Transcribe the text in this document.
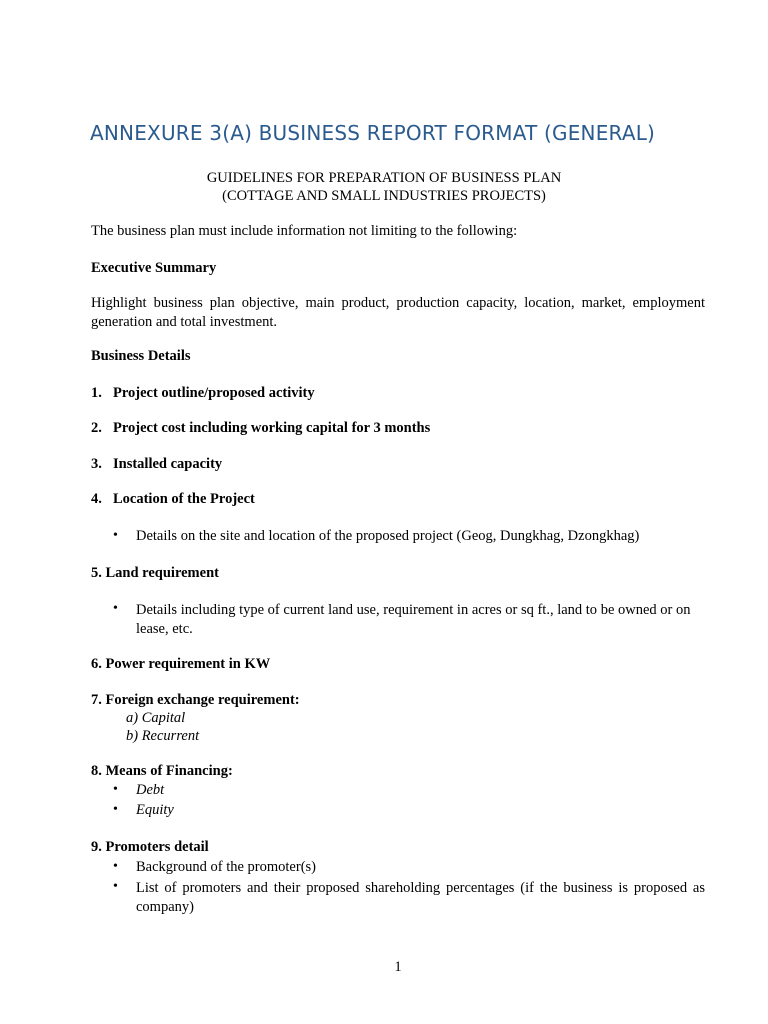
ANNEXURE 3(A) BUSINESS REPORT FORMAT (GENERAL)
GUIDELINES FOR PREPARATION OF BUSINESS PLAN
(COTTAGE AND SMALL INDUSTRIES PROJECTS)
The business plan must include information not limiting to the following:
Executive Summary
Highlight business plan objective, main product, production capacity, location, market, employment generation and total investment.
Business Details
1. Project outline/proposed activity
2. Project cost including working capital for 3 months
3. Installed capacity
4. Location of the Project
• Details on the site and location of the proposed project (Geog, Dungkhag, Dzongkhag)
5. Land requirement
• Details including type of current land use, requirement in acres or sq ft., land to be owned or on     lease, etc.
6. Power requirement in KW
7. Foreign exchange requirement:
a) Capital
b) Recurrent
8. Means of Financing:
• Debt
• Equity
9. Promoters detail
• Background of the promoter(s)
• List of promoters and their proposed shareholding percentages (if the business is proposed as company)
1
